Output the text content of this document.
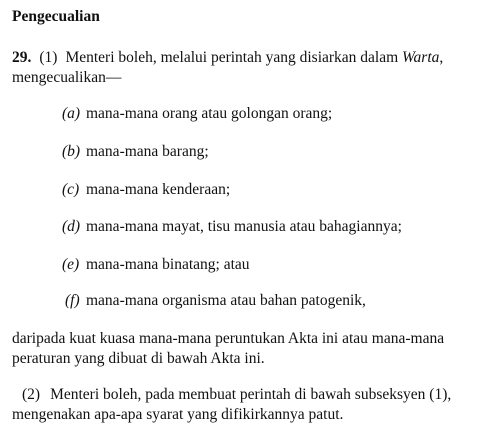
Pengecualian
29. (1) Menteri boleh, melalui perintah yang disiarkan dalam Warta,
mengecualikan—
(a) mana-mana orang atau golongan orang;
(b) mana-mana barang;
(c) mana-mana kenderaan;
(d) mana-mana mayat, tisu manusia atau bahagiannya;
(e) mana-mana binatang; atau
(f) mana-mana organisma atau bahan patogenik,
daripada kuat kuasa mana-mana peruntukan Akta ini atau mana-mana
peraturan yang dibuat di bawah Akta ini.
(2) Menteri boleh, pada membuat perintah di bawah subseksyen (1),
mengenakan apa-apa syarat yang difikirkannya patut.
